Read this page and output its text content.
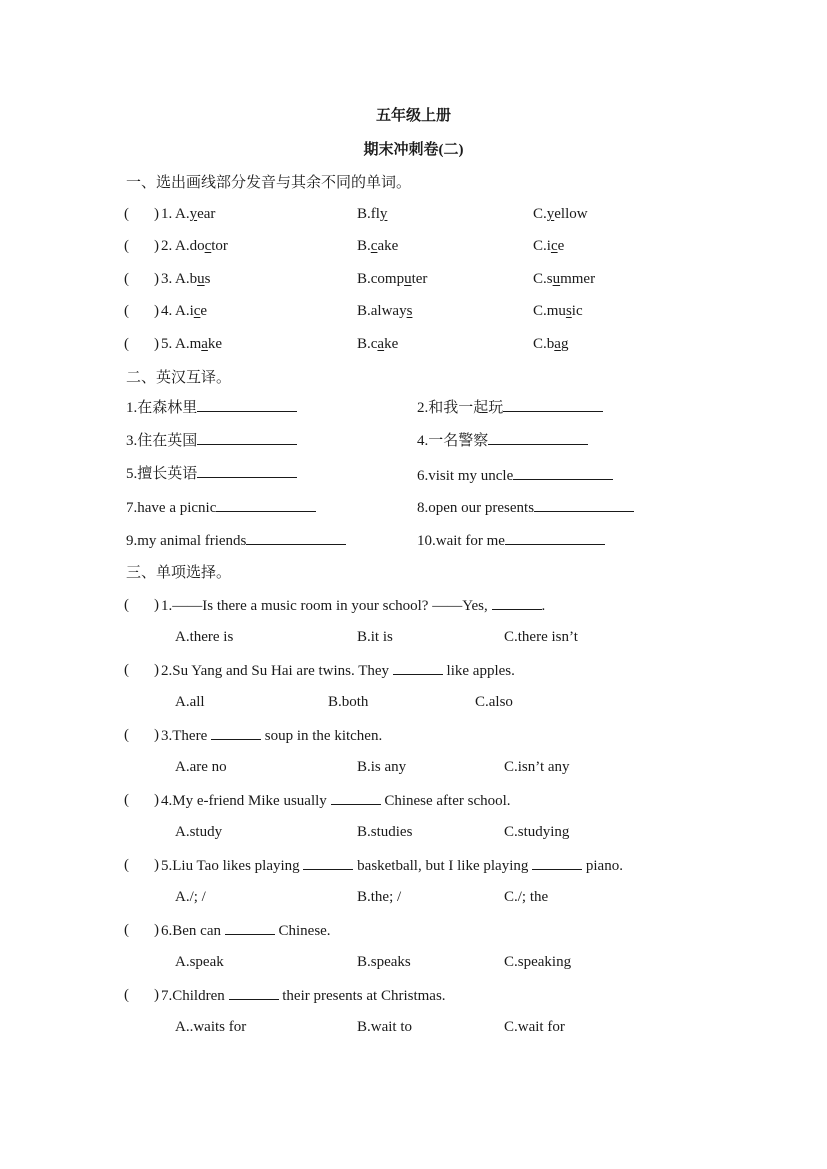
五年级上册
期末冲刺卷(二)
一、选出画线部分发音与其余不同的单词。
( ) 1. A.year	B.fly	C.yellow
( ) 2. A.doctor	B.cake	C.ice
( ) 3. A.bus	B.computer	C.summer
( ) 4. A.ice	B.always	C.music
( ) 5. A.make	B.cake	C.bag
二、英汉互译。
1.在森林里	2.和我一起玩
3.住在英国	4.一名警察
5.擅长英语	6.visit my uncle
7.have a picnic	8.open our presents
9.my animal friends	10.wait for me
三、单项选择。
( ) 1.——Is there a music room in your school? ——Yes,	.
A.there is	B.it is	C.there isn’t
( ) 2.Su Yang and Su Hai are twins. They	like apples.
A.all	B.both	C.also
( ) 3.There	soup in the kitchen.
A.are no	B.is any	C.isn’t any
( ) 4.My e-friend Mike usually	Chinese after school.
A.study	B.studies	C.studying
( ) 5.Liu Tao likes playing	basketball, but I like playing	piano.
A./; /	B.the; /	C./; the
( ) 6.Ben can	Chinese.
A.speak	B.speaks	C.speaking
( ) 7.Children	their presents at Christmas.
A..waits for	B.wait to	C.wait for
